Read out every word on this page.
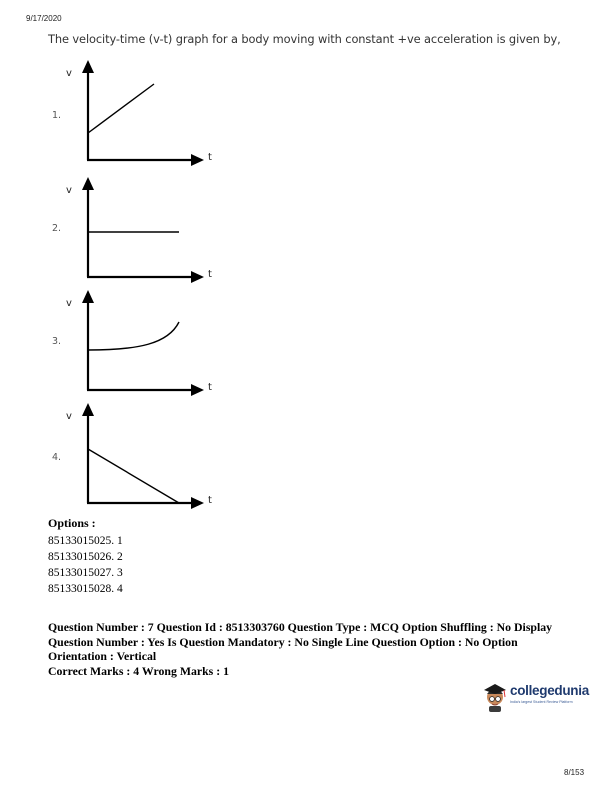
9/17/2020
The velocity-time (v-t) graph for a body moving with constant +ve acceleration is given by,
1.
v
t
2.
v
t
3.
v
t
4.
v
t
Options :
85133015025. 1
85133015026. 2
85133015027. 3
85133015028. 4
Question Number : 7 Question Id : 8513303760 Question Type : MCQ Option Shuffling : No Display
Question Number : Yes Is Question Mandatory : No Single Line Question Option : No Option
Orientation : Vertical
Correct Marks : 4 Wrong Marks : 1
collegedunia
India's largest Student Review Platform
8/153
